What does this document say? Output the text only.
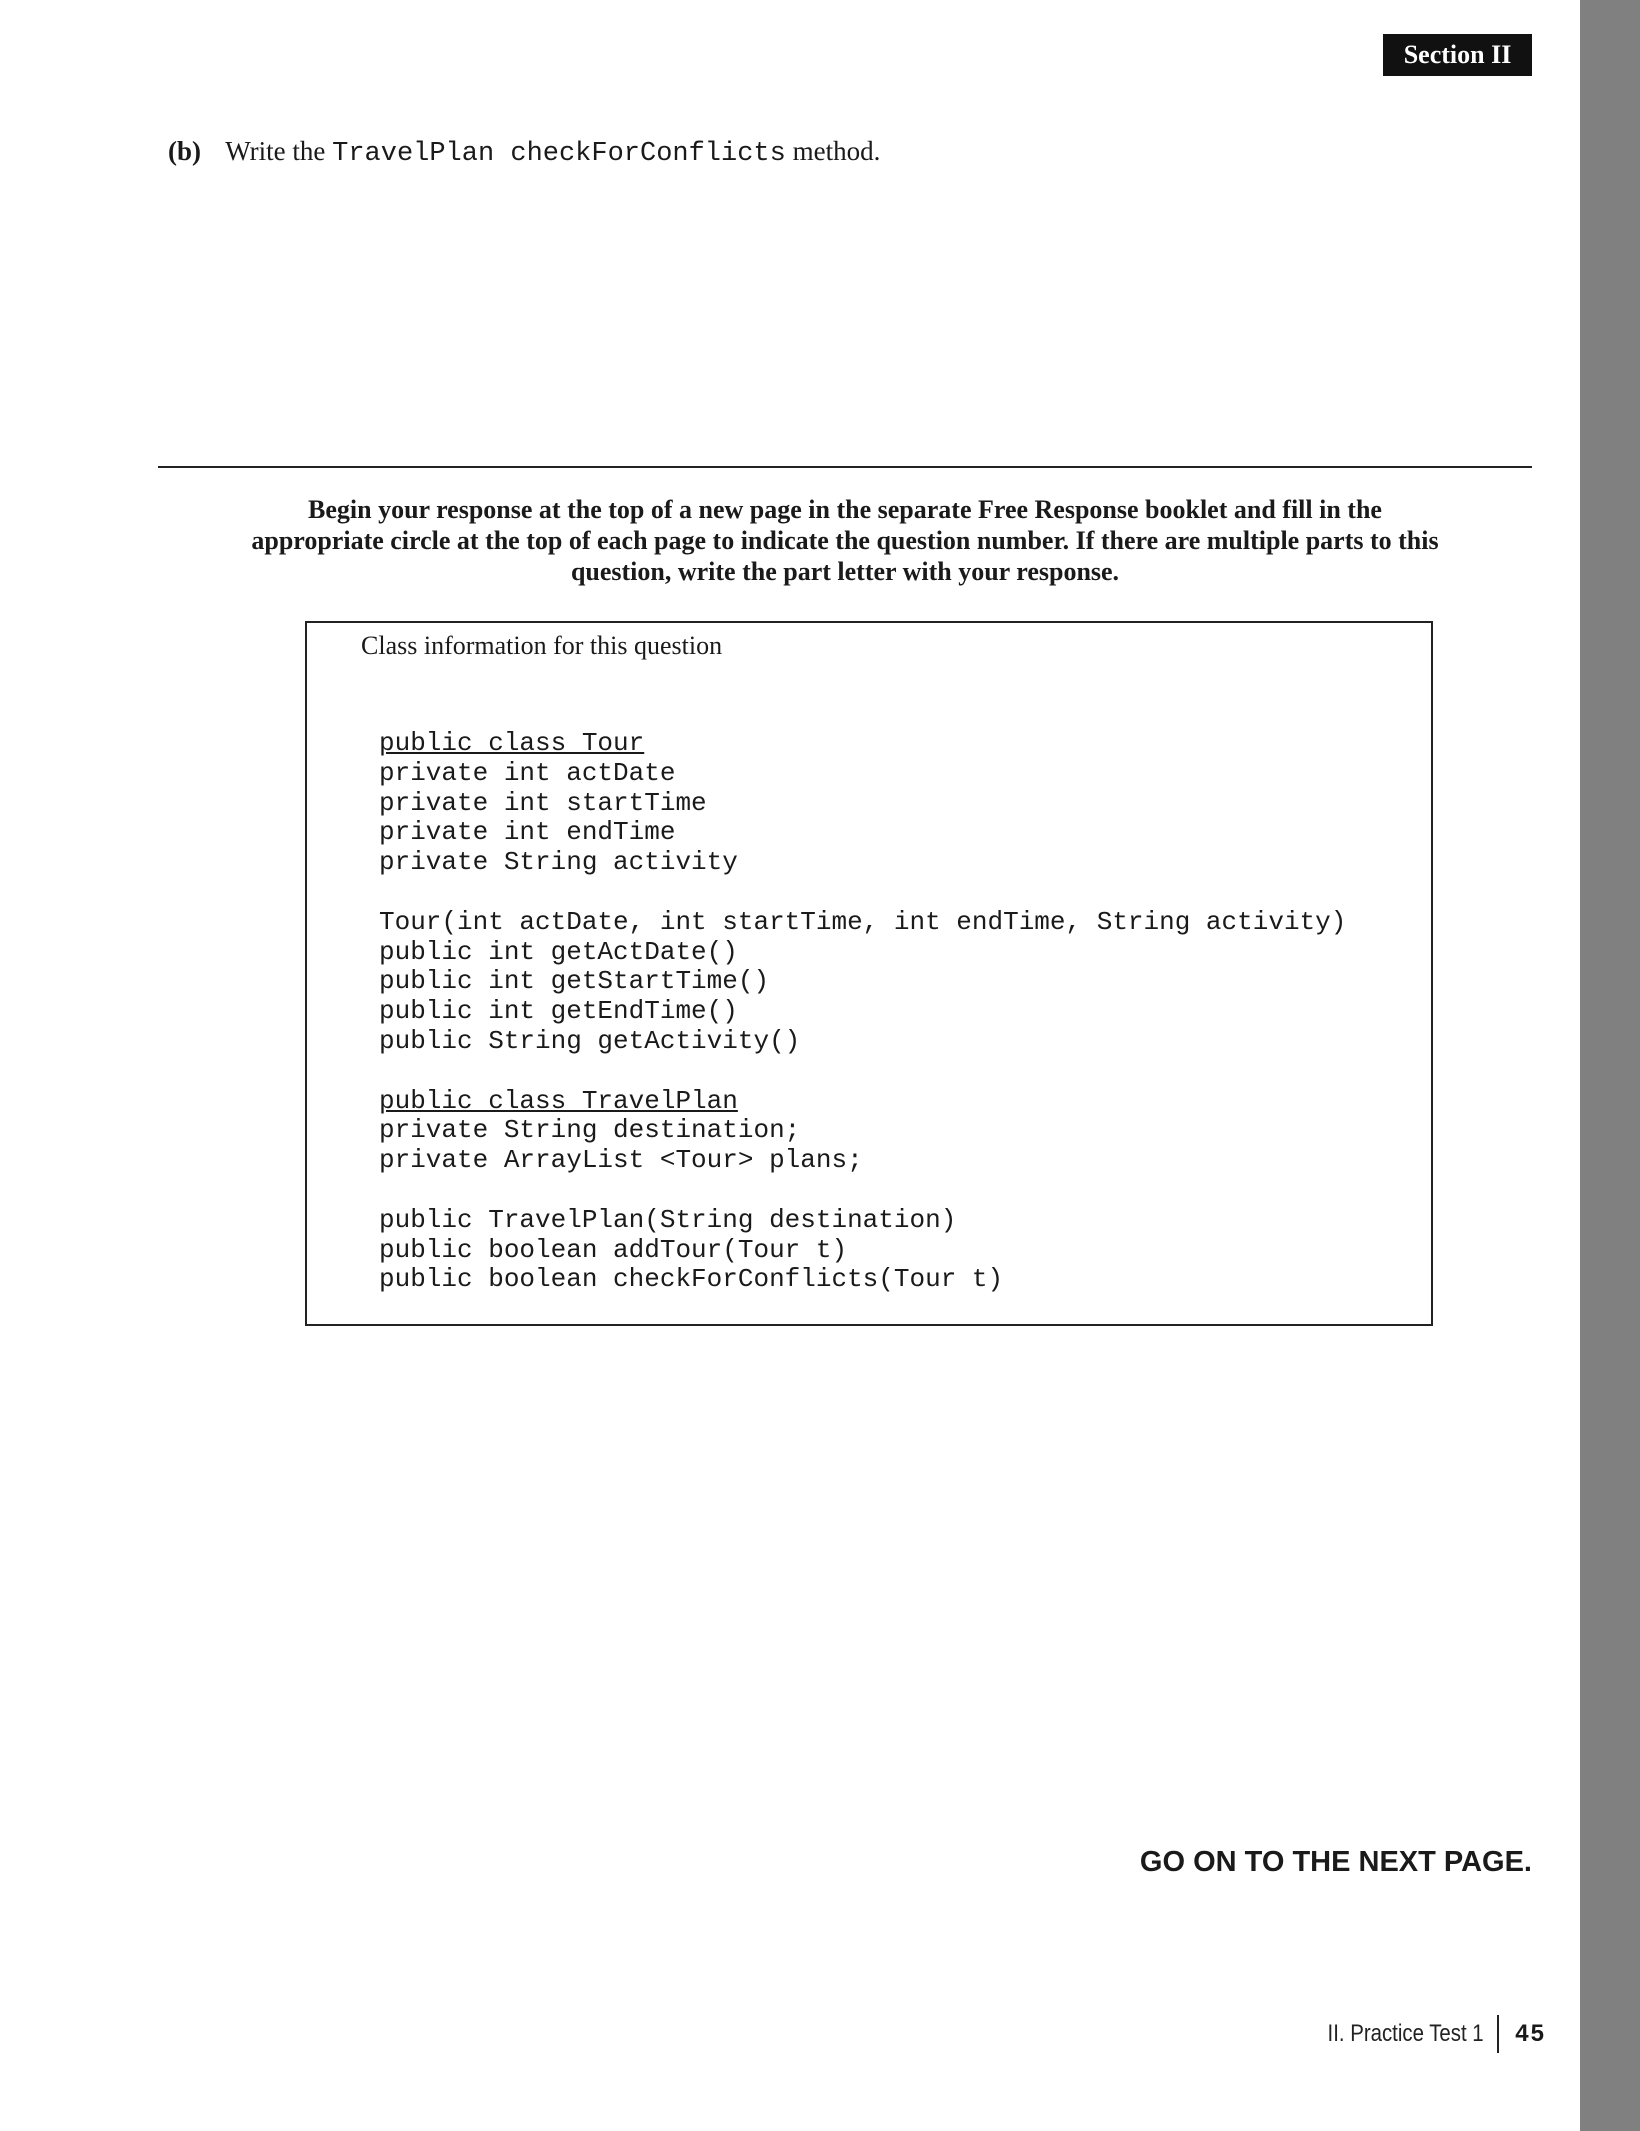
Section II
(b) Write the TravelPlan checkForConflicts method.
Begin your response at the top of a new page in the separate Free Response booklet and fill in the appropriate circle at the top of each page to indicate the question number. If there are multiple parts to this question, write the part letter with your response.
Class information for this question
public class Tour
private int actDate
private int startTime
private int endTime
private String activity
Tour(int actDate, int startTime, int endTime, String activity)
public int getActDate()
public int getStartTime()
public int getEndTime()
public String getActivity()
public class TravelPlan
private String destination;
private ArrayList <Tour> plans;
public TravelPlan(String destination)
public boolean addTour(Tour t)
public boolean checkForConflicts(Tour t)
GO ON TO THE NEXT PAGE.
II. Practice Test 1 45
